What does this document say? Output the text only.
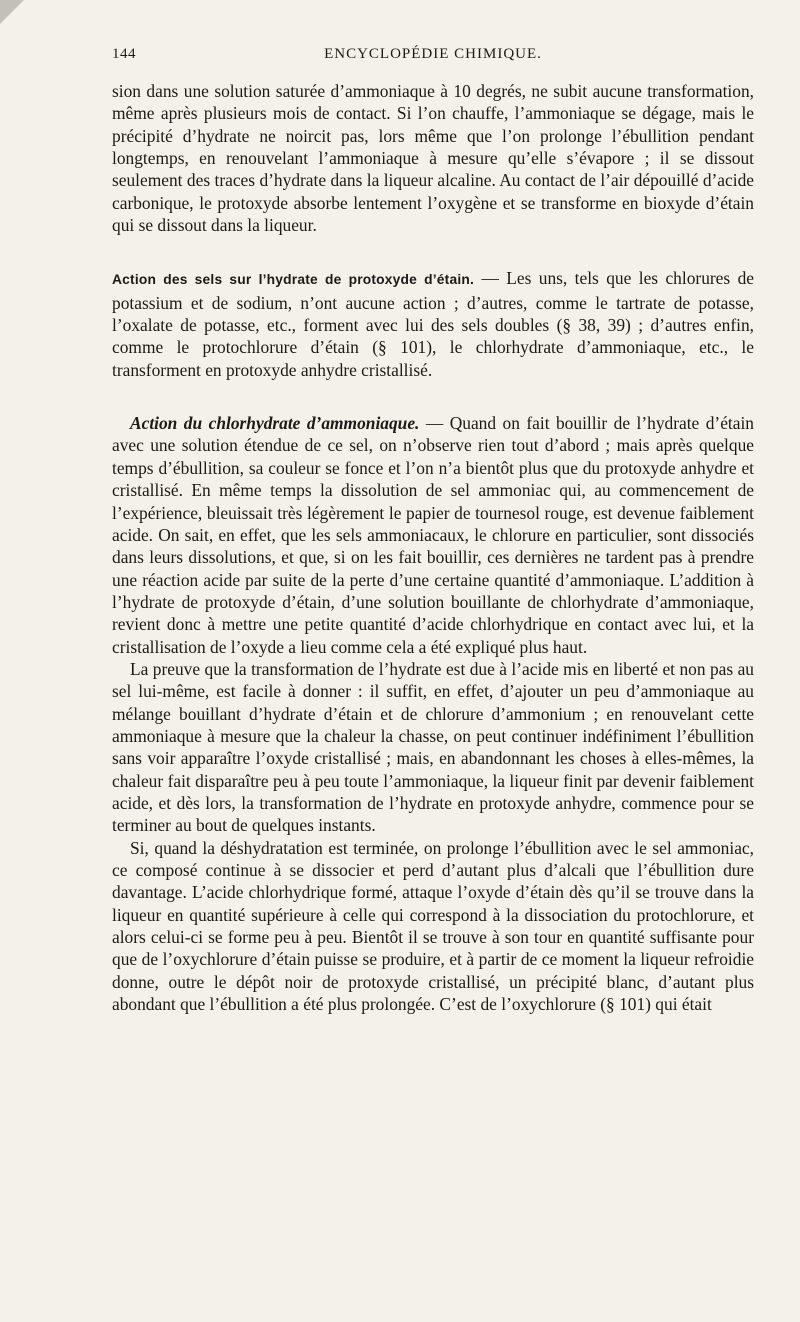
144	ENCYCLOPÉDIE CHIMIQUE.

sion dans une solution saturée d’ammoniaque à 10 degrés, ne subit aucune transformation, même après plusieurs mois de contact. Si l’on chauffe, l’ammoniaque se dégage, mais le précipité d’hydrate ne noircit pas, lors même que l’on prolonge l’ébullition pendant longtemps, en renouvelant l’ammoniaque à mesure qu’elle s’évapore ; il se dissout seulement des traces d’hydrate dans la liqueur alcaline. Au contact de l’air dépouillé d’acide carbonique, le protoxyde absorbe lentement l’oxygène et se transforme en bioxyde d’étain qui se dissout dans la liqueur.

Action des sels sur l’hydrate de protoxyde d’étain. — Les uns, tels que les chlorures de potassium et de sodium, n’ont aucune action ; d’autres, comme le tartrate de potasse, l’oxalate de potasse, etc., forment avec lui des sels doubles (§ 38, 39) ; d’autres enfin, comme le protochlorure d’étain (§ 101), le chlorhydrate d’ammoniaque, etc., le transforment en protoxyde anhydre cristallisé.

Action du chlorhydrate d’ammoniaque. — Quand on fait bouillir de l’hydrate d’étain avec une solution étendue de ce sel, on n’observe rien tout d’abord ; mais après quelque temps d’ébullition, sa couleur se fonce et l’on n’a bientôt plus que du protoxyde anhydre et cristallisé. En même temps la dissolution de sel ammoniac qui, au commencement de l’expérience, bleuissait très légèrement le papier de tournesol rouge, est devenue faiblement acide. On sait, en effet, que les sels ammoniacaux, le chlorure en particulier, sont dissociés dans leurs dissolutions, et que, si on les fait bouillir, ces dernières ne tardent pas à prendre une réaction acide par suite de la perte d’une certaine quantité d’ammoniaque. L’addition à l’hydrate de protoxyde d’étain, d’une solution bouillante de chlorhydrate d’ammoniaque, revient donc à mettre une petite quantité d’acide chlorhydrique en contact avec lui, et la cristallisation de l’oxyde a lieu comme cela a été expliqué plus haut.

La preuve que la transformation de l’hydrate est due à l’acide mis en liberté et non pas au sel lui-même, est facile à donner : il suffit, en effet, d’ajouter un peu d’ammoniaque au mélange bouillant d’hydrate d’étain et de chlorure d’ammonium ; en renouvelant cette ammoniaque à mesure que la chaleur la chasse, on peut continuer indéfiniment l’ébullition sans voir apparaître l’oxyde cristallisé ; mais, en abandonnant les choses à elles-mêmes, la chaleur fait disparaître peu à peu toute l’ammoniaque, la liqueur finit par devenir faiblement acide, et dès lors, la transformation de l’hydrate en protoxyde anhydre, commence pour se terminer au bout de quelques instants.

Si, quand la déshydratation est terminée, on prolonge l’ébullition avec le sel ammoniac, ce composé continue à se dissocier et perd d’autant plus d’alcali que l’ébullition dure davantage. L’acide chlorhydrique formé, attaque l’oxyde d’étain dès qu’il se trouve dans la liqueur en quantité supérieure à celle qui correspond à la dissociation du protochlorure, et alors celui-ci se forme peu à peu. Bientôt il se trouve à son tour en quantité suffisante pour que de l’oxychlorure d’étain puisse se produire, et à partir de ce moment la liqueur refroidie donne, outre le dépôt noir de protoxyde cristallisé, un précipité blanc, d’autant plus abondant que l’ébullition a été plus prolongée. C’est de l’oxychlorure (§ 101) qui était
